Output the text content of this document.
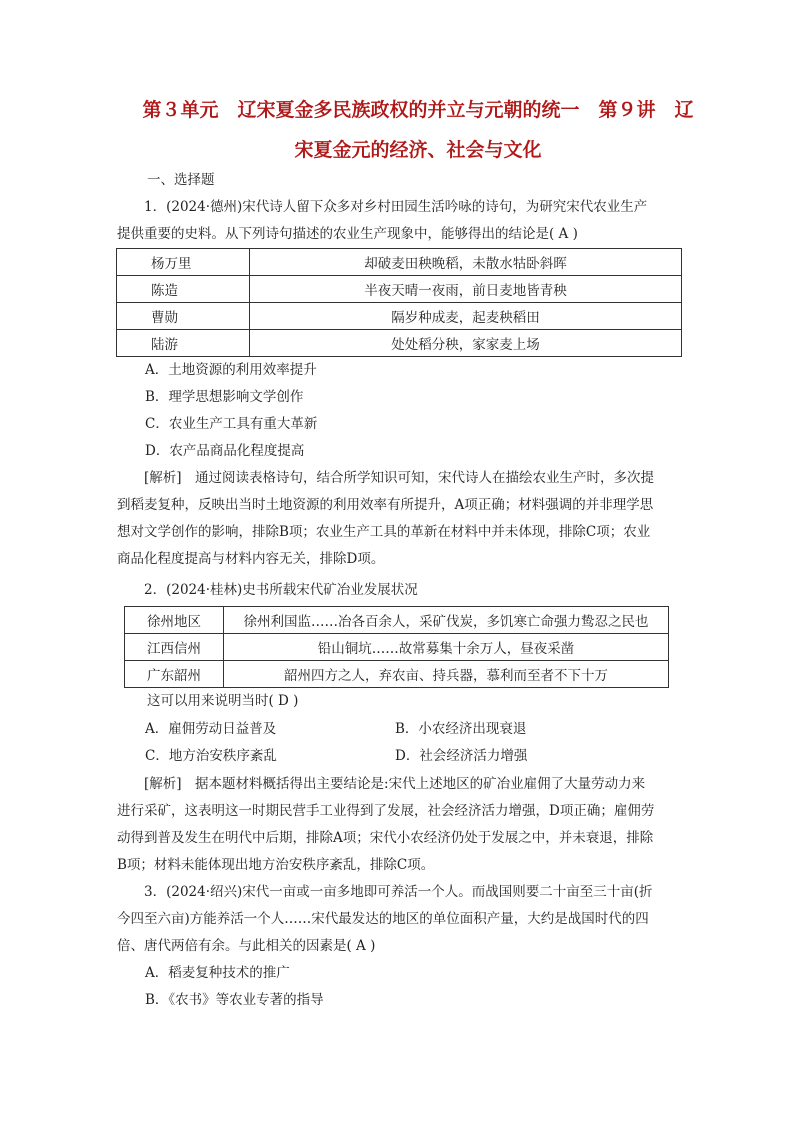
第３单元　辽宋夏金多民族政权的并立与元朝的统一　第９讲　辽
宋夏金元的经济、社会与文化
一、选择题
1．(2024·德州)宋代诗人留下众多对乡村田园生活吟咏的诗句，为研究宋代农业生产
提供重要的史料。从下列诗句描述的农业生产现象中，能够得出的结论是( A )
杨万里	却破麦田秧晚稻，未散水牯卧斜晖
陈造	半夜天晴一夜雨，前日麦地皆青秧
曹勋	隔岁种成麦，起麦秧稻田
陆游	处处稻分秧，家家麦上场
A．土地资源的利用效率提升
B．理学思想影响文学创作
C．农业生产工具有重大革新
D．农产品商品化程度提高
[解析]　通过阅读表格诗句，结合所学知识可知，宋代诗人在描绘农业生产时，多次提
到稻麦复种，反映出当时土地资源的利用效率有所提升，A项正确；材料强调的并非理学思
想对文学创作的影响，排除B项；农业生产工具的革新在材料中并未体现，排除C项；农业
商品化程度提高与材料内容无关，排除D项。
2．(2024·桂林)史书所载宋代矿冶业发展状况
徐州地区	徐州利国监……冶各百余人，采矿伐炭，多饥寒亡命强力鸷忍之民也
江西信州	铅山铜坑……故常募集十余万人，昼夜采凿
广东韶州	韶州四方之人，弃农亩、持兵器，慕利而至者不下十万
这可以用来说明当时( D )
A．雇佣劳动日益普及	B．小农经济出现衰退
C．地方治安秩序紊乱	D．社会经济活力增强
[解析]　据本题材料概括得出主要结论是:宋代上述地区的矿冶业雇佣了大量劳动力来
进行采矿，这表明这一时期民营手工业得到了发展，社会经济活力增强，D项正确；雇佣劳
动得到普及发生在明代中后期，排除A项；宋代小农经济仍处于发展之中，并未衰退，排除
B项；材料未能体现出地方治安秩序紊乱，排除C项。
3．(2024·绍兴)宋代一亩或一亩多地即可养活一个人。而战国则要二十亩至三十亩(折
今四至六亩)方能养活一个人……宋代最发达的地区的单位面积产量，大约是战国时代的四
倍、唐代两倍有余。与此相关的因素是( A )
A．稻麦复种技术的推广
B．《农书》等农业专著的指导
